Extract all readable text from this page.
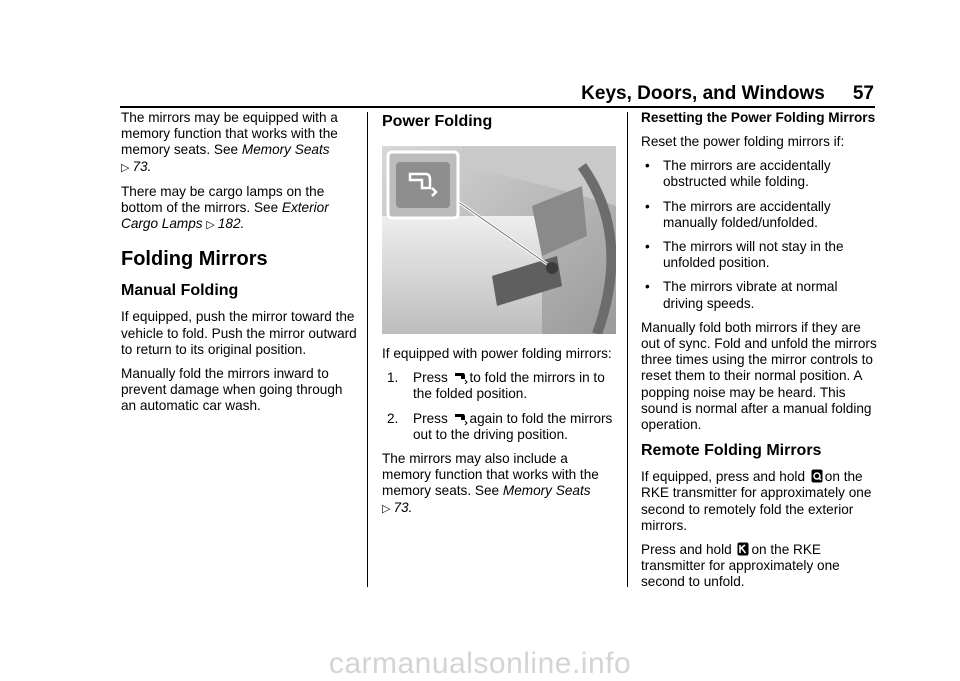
Keys, Doors, and Windows 57

The mirrors may be equipped with a memory function that works with the memory seats. See Memory Seats
▷ 73.

There may be cargo lamps on the bottom of the mirrors. See Exterior Cargo Lamps ▷ 182.

Folding Mirrors
Manual Folding

If equipped, push the mirror toward the vehicle to fold. Push the mirror outward to return to its original position.

Manually fold the mirrors inward to prevent damage when going through an automatic car wash.

Power Folding

If equipped with power folding mirrors:

1. Press to fold the mirrors in to the folded position.
2. Press again to fold the mirrors out to the driving position.

The mirrors may also include a memory function that works with the memory seats. See Memory Seats
▷ 73.

Resetting the Power Folding Mirrors

Reset the power folding mirrors if:

• The mirrors are accidentally obstructed while folding.
• The mirrors are accidentally manually folded/unfolded.
• The mirrors will not stay in the unfolded position.
• The mirrors vibrate at normal driving speeds.

Manually fold both mirrors if they are out of sync. Fold and unfold the mirrors three times using the mirror controls to reset them to their normal position. A popping noise may be heard. This sound is normal after a manual folding operation.

Remote Folding Mirrors

If equipped, press and hold on the RKE transmitter for approximately one second to remotely fold the exterior mirrors.

Press and hold on the RKE transmitter for approximately one second to unfold.

carmanualsonline.info
